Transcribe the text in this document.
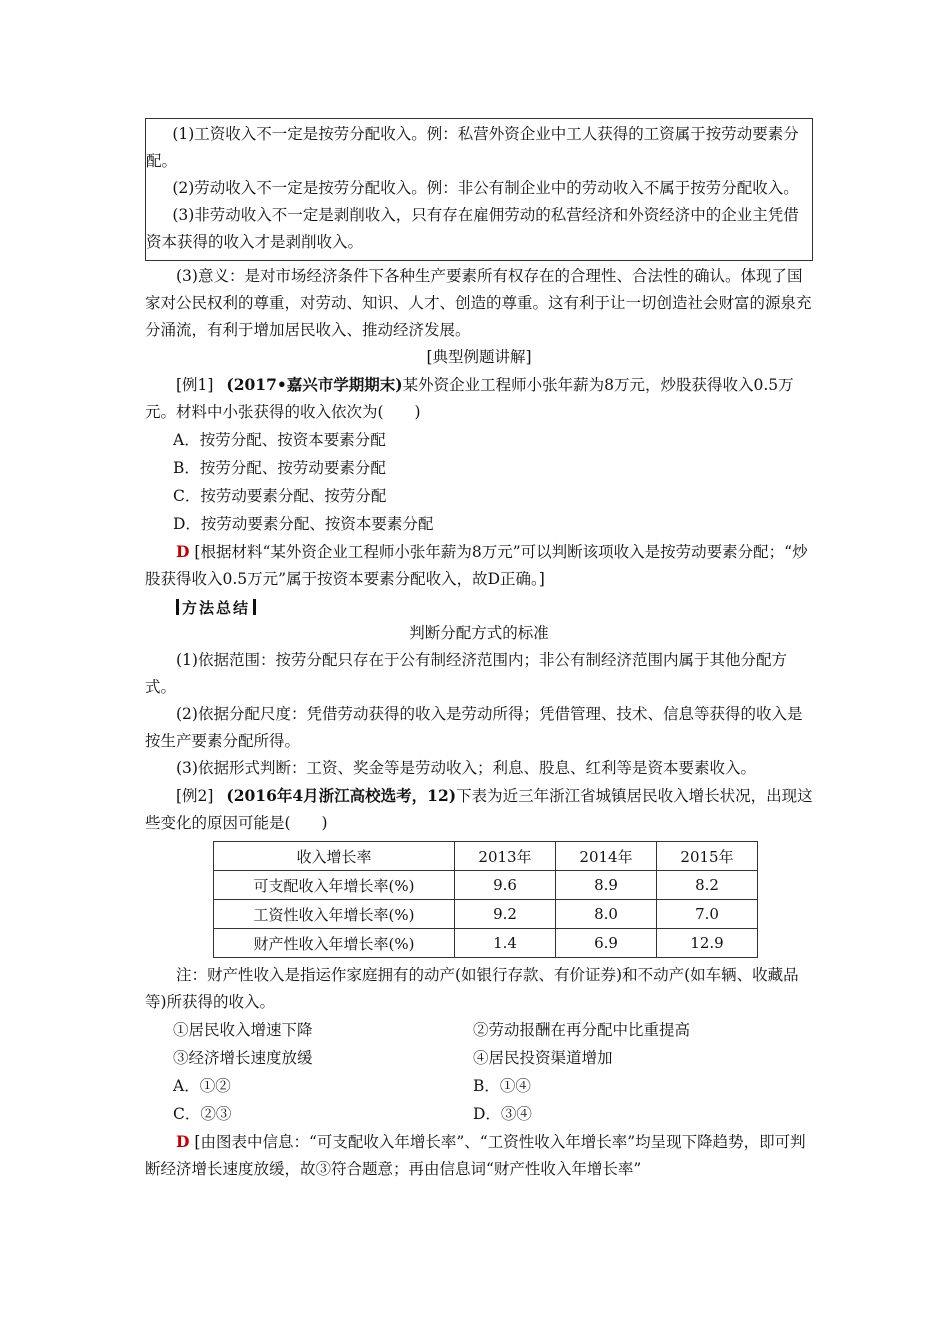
(1)工资收入不一定是按劳分配收入。例：私营外资企业中工人获得的工资属于按劳动要素分配。

(2)劳动收入不一定是按劳分配收入。例：非公有制企业中的劳动收入不属于按劳分配收入。

(3)非劳动收入不一定是剥削收入，只有存在雇佣劳动的私营经济和外资经济中的企业主凭借资本获得的收入才是剥削收入。

(3)意义：是对市场经济条件下各种生产要素所有权存在的合理性、合法性的确认。体现了国家对公民权利的尊重，对劳动、知识、人才、创造的尊重。这有利于让一切创造社会财富的源泉充分涌流，有利于增加居民收入、推动经济发展。

[典型例题讲解]

[例1] (2017•嘉兴市学期期末)某外资企业工程师小张年薪为8万元，炒股获得收入0.5万元。材料中小张获得的收入依次为(　　)

A．按劳分配、按资本要素分配
B．按劳分配、按劳动要素分配
C．按劳动要素分配、按劳分配
D．按劳动要素分配、按资本要素分配

D [根据材料“某外资企业工程师小张年薪为8万元”可以判断该项收入是按劳动要素分配；“炒股获得收入0.5万元”属于按资本要素分配收入，故D正确。]

方法总结

判断分配方式的标准

(1)依据范围：按劳分配只存在于公有制经济范围内；非公有制经济范围内属于其他分配方式。

(2)依据分配尺度：凭借劳动获得的收入是劳动所得；凭借管理、技术、信息等获得的收入是按生产要素分配所得。

(3)依据形式判断：工资、奖金等是劳动收入；利息、股息、红利等是资本要素收入。

[例2] (2016年4月浙江高校选考，12)下表为近三年浙江省城镇居民收入增长状况，出现这些变化的原因可能是(　　)

收入增长率	2013年	2014年	2015年
可支配收入年增长率(%)	9.6	8.9	8.2
工资性收入年增长率(%)	9.2	8.0	7.0
财产性收入年增长率(%)	1.4	6.9	12.9

注：财产性收入是指运作家庭拥有的动产(如银行存款、有价证券)和不动产(如车辆、收藏品等)所获得的收入。

①居民收入增速下降	②劳动报酬在再分配中比重提高
③经济增长速度放缓	④居民投资渠道增加
A．①②	B．①④
C．②③	D．③④

D [由图表中信息：“可支配收入年增长率”、“工资性收入年增长率”均呈现下降趋势，即可判断经济增长速度放缓，故③符合题意；再由信息词“财产性收入年增长率”
